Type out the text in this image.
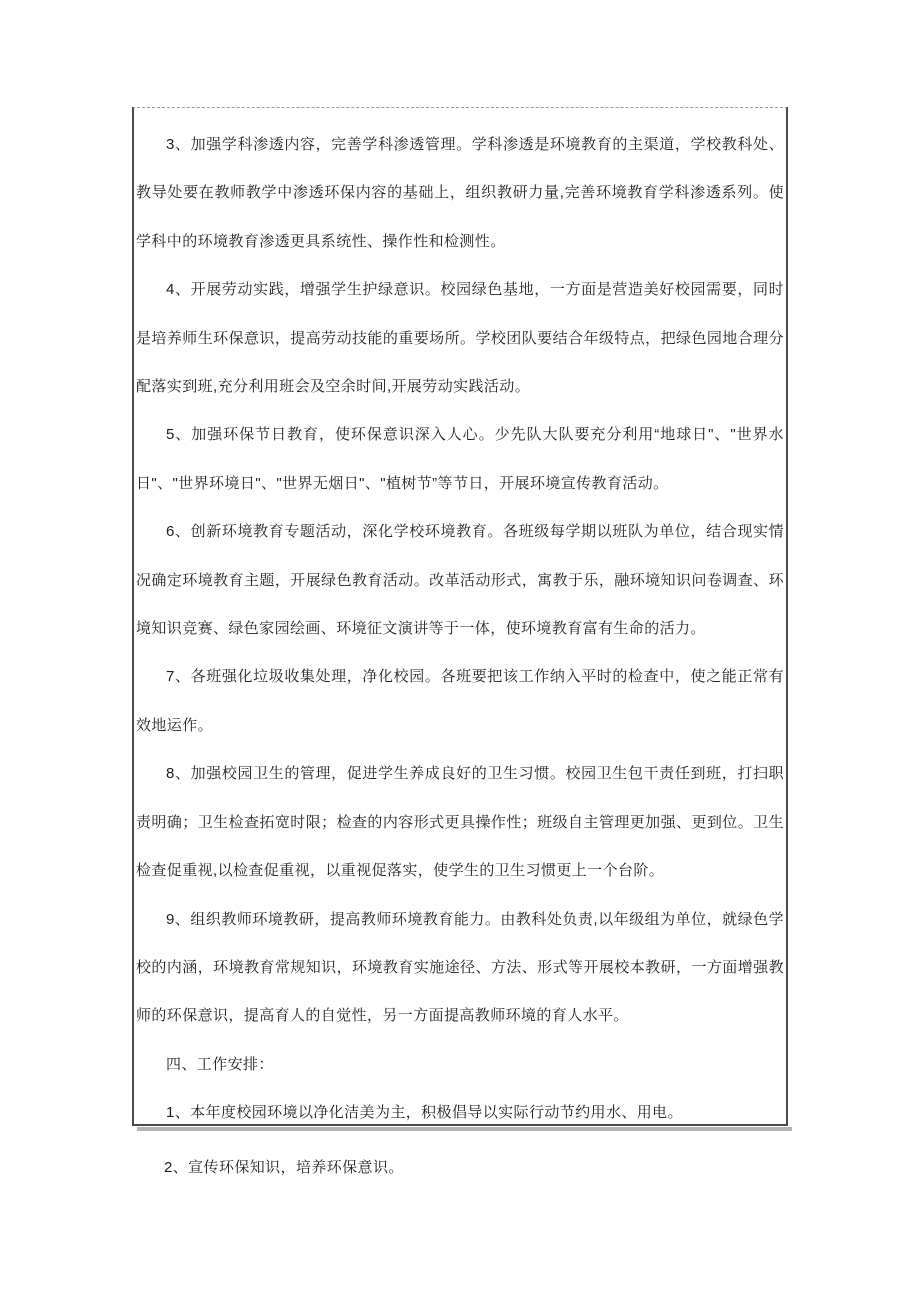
3、加强学科渗透内容，完善学科渗透管理。学科渗透是环境教育的主渠道，学校教科处、教导处要在教师教学中渗透环保内容的基础上，组织教研力量,完善环境教育学科渗透系列。使学科中的环境教育渗透更具系统性、操作性和检测性。

4、开展劳动实践，增强学生护绿意识。校园绿色基地，一方面是营造美好校园需要，同时是培养师生环保意识，提高劳动技能的重要场所。学校团队要结合年级特点，把绿色园地合理分配落实到班,充分利用班会及空余时间,开展劳动实践活动。

5、加强环保节日教育，使环保意识深入人心。少先队大队要充分利用“地球日"、"世界水日"、"世界环境日"、"世界无烟日"、"植树节”等节日，开展环境宣传教育活动。

6、创新环境教育专题活动，深化学校环境教育。各班级每学期以班队为单位，结合现实情况确定环境教育主题，开展绿色教育活动。改革活动形式，寓教于乐，融环境知识问卷调查、环境知识竞赛、绿色家园绘画、环境征文演讲等于一体，使环境教育富有生命的活力。

7、各班强化垃圾收集处理，净化校园。各班要把该工作纳入平时的检查中，使之能正常有效地运作。

8、加强校园卫生的管理，促进学生养成良好的卫生习惯。校园卫生包干责任到班，打扫职责明确；卫生检查拓宽时限；检查的内容形式更具操作性；班级自主管理更加强、更到位。卫生检查促重视,以检查促重视，以重视促落实，使学生的卫生习惯更上一个台阶。

9、组织教师环境教研，提高教师环境教育能力。由教科处负责,以年级组为单位，就绿色学校的内涵，环境教育常规知识，环境教育实施途径、方法、形式等开展校本教研，一方面增强教师的环保意识，提高育人的自觉性，另一方面提高教师环境的育人水平。

四、工作安排：

1、本年度校园环境以净化洁美为主，积极倡导以实际行动节约用水、用电。

2、宣传环保知识，培养环保意识。
